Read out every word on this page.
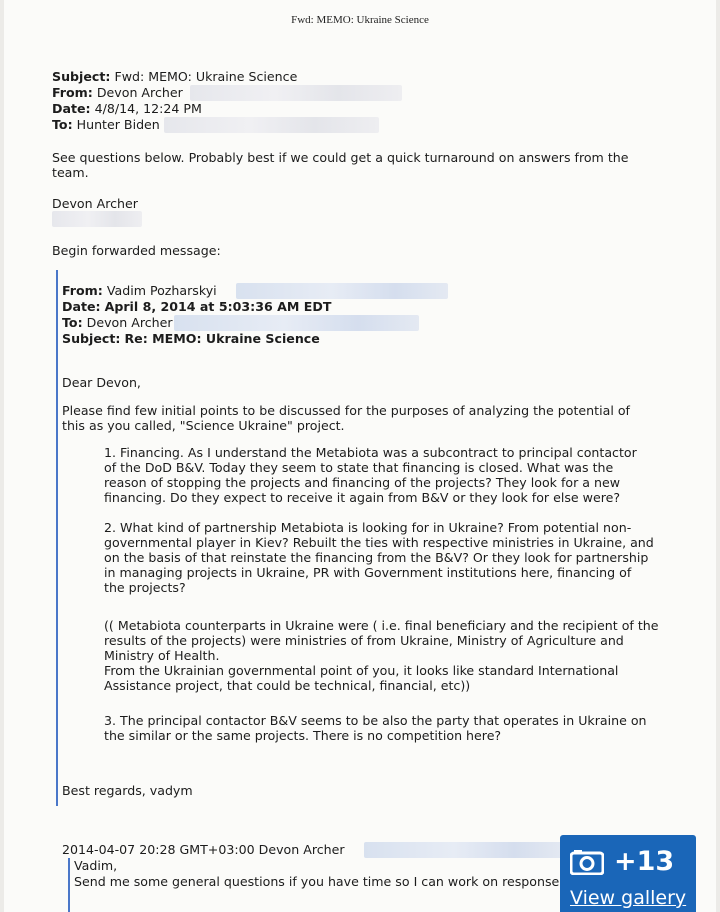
Fwd: MEMO: Ukraine Science
Subject: Fwd: MEMO: Ukraine Science
From: Devon Archer
Date: 4/8/14, 12:24 PM
To: Hunter Biden
See questions below. Probably best if we could get a quick turnaround on answers from the
team.
Devon Archer
Begin forwarded message:
From: Vadim Pozharskyi
Date: April 8, 2014 at 5:03:36 AM EDT
To: Devon Archer
Subject: Re: MEMO: Ukraine Science
Dear Devon,
Please find few initial points to be discussed for the purposes of analyzing the potential of
this as you called, "Science Ukraine" project.
1. Financing. As I understand the Metabiota was a subcontract to principal contactor
of the DoD B&V. Today they seem to state that financing is closed. What was the
reason of stopping the projects and financing of the projects? They look for a new
financing. Do they expect to receive it again from B&V or they look for else were?
2. What kind of partnership Metabiota is looking for in Ukraine? From potential non-
governmental player in Kiev? Rebuilt the ties with respective ministries in Ukraine, and
on the basis of that reinstate the financing from the B&V? Or they look for partnership
in managing projects in Ukraine, PR with Government institutions here, financing of
the projects?
(( Metabiota counterparts in Ukraine were ( i.e. final beneficiary and the recipient of the
results of the projects) were ministries of from Ukraine, Ministry of Agriculture and
Ministry of Health.
From the Ukrainian governmental point of you, it looks like standard International
Assistance project, that could be technical, financial, etc))
3. The principal contactor B&V seems to be also the party that operates in Ukraine on
the similar or the same projects. There is no competition here?
Best regards, vadym
2014-04-07 20:28 GMT+03:00 Devon Archer
Vadim,
Send me some general questions if you have time so I can work on response
+13
View gallery
